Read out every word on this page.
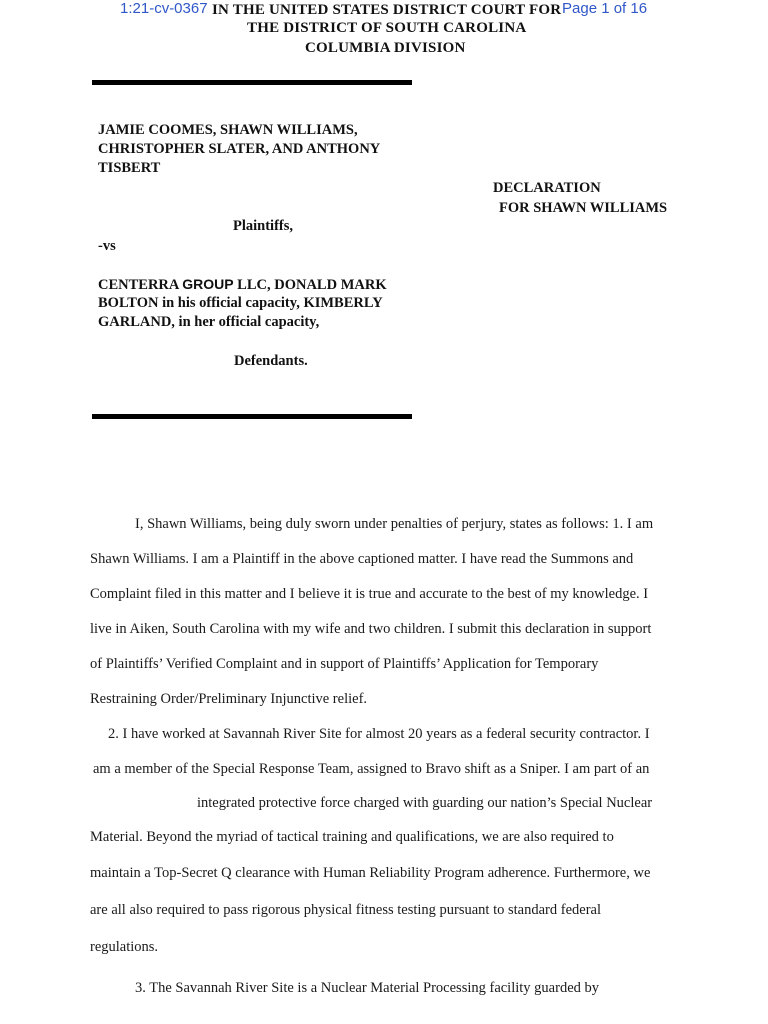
1:21-cv-0367	Page 1 of 16
IN THE UNITED STATES DISTRICT COURT FOR
THE DISTRICT OF SOUTH CAROLINA
COLUMBIA DIVISION
JAMIE COOMES, SHAWN WILLIAMS,
CHRISTOPHER SLATER, AND ANTHONY
TISBERT
Plaintiffs,
-vs
CENTERRA GROUP LLC, DONALD MARK
BOLTON in his official capacity, KIMBERLY
GARLAND, in her official capacity,
Defendants.
DECLARATION
FOR SHAWN WILLIAMS
I, Shawn Williams, being duly sworn under penalties of perjury, states as follows: 1. I am
Shawn Williams. I am a Plaintiff in the above captioned matter. I have read the Summons and
Complaint filed in this matter and I believe it is true and accurate to the best of my knowledge. I
live in Aiken, South Carolina with my wife and two children. I submit this declaration in support
of Plaintiffs’ Verified Complaint and in support of Plaintiffs’ Application for Temporary
Restraining Order/Preliminary Injunctive relief.
2. I have worked at Savannah River Site for almost 20 years as a federal security contractor. I
am a member of the Special Response Team, assigned to Bravo shift as a Sniper. I am part of an
integrated protective force charged with guarding our nation’s Special Nuclear
Material. Beyond the myriad of tactical training and qualifications, we are also required to
maintain a Top-Secret Q clearance with Human Reliability Program adherence. Furthermore, we
are all also required to pass rigorous physical fitness testing pursuant to standard federal
regulations.
3. The Savannah River Site is a Nuclear Material Processing facility guarded by
